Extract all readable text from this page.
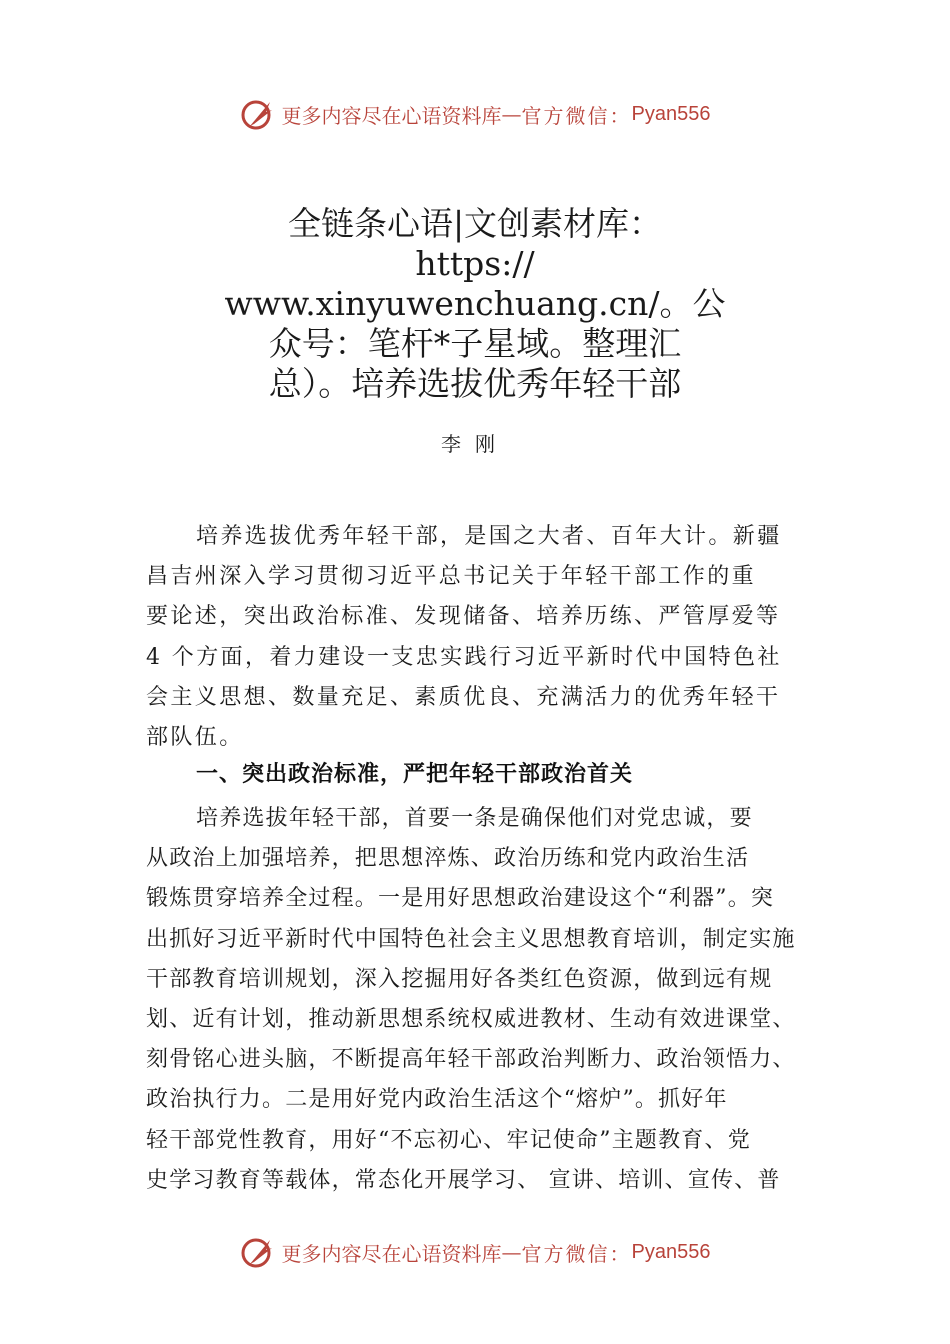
更多内容尽在心语资料库 — 官方微信： Pyan556
全链条心语|文创素材库：
https://
www.xinyuwenchuang.cn/。公
众号：笔杆*子星域。整理汇
总）。培养选拔优秀年轻干部
李刚
培养选拔优秀年轻干部，是国之大者、百年大计。新疆
昌吉州深入学习贯彻习近平总书记关于年轻干部工作的重
要论述，突出政治标准、发现储备、培养历练、严管厚爱等
4 个方面，着力建设一支忠实践行习近平新时代中国特色社
会主义思想、数量充足、素质优良、充满活力的优秀年轻干
部队伍。
一、突出政治标准，严把年轻干部政治首关
培养选拔年轻干部，首要一条是确保他们对党忠诚，要
从政治上加强培养，把思想淬炼、政治历练和党内政治生活
锻炼贯穿培养全过程。一是用好思想政治建设这个“利器”。突
出抓好习近平新时代中国特色社会主义思想教育培训，制定实施
干部教育培训规划，深入挖掘用好各类红色资源，做到远有规
划、近有计划，推动新思想系统权威进教材、生动有效进课堂、
刻骨铭心进头脑，不断提高年轻干部政治判断力、政治领悟力、
政治执行力。二是用好党内政治生活这个“熔炉”。抓好年
轻干部党性教育，用好“不忘初心、牢记使命”主题教育、党
史学习教育等载体，常态化开展学习、 宣讲、培训、宣传、普
更多内容尽在心语资料库 — 官方微信： Pyan556
